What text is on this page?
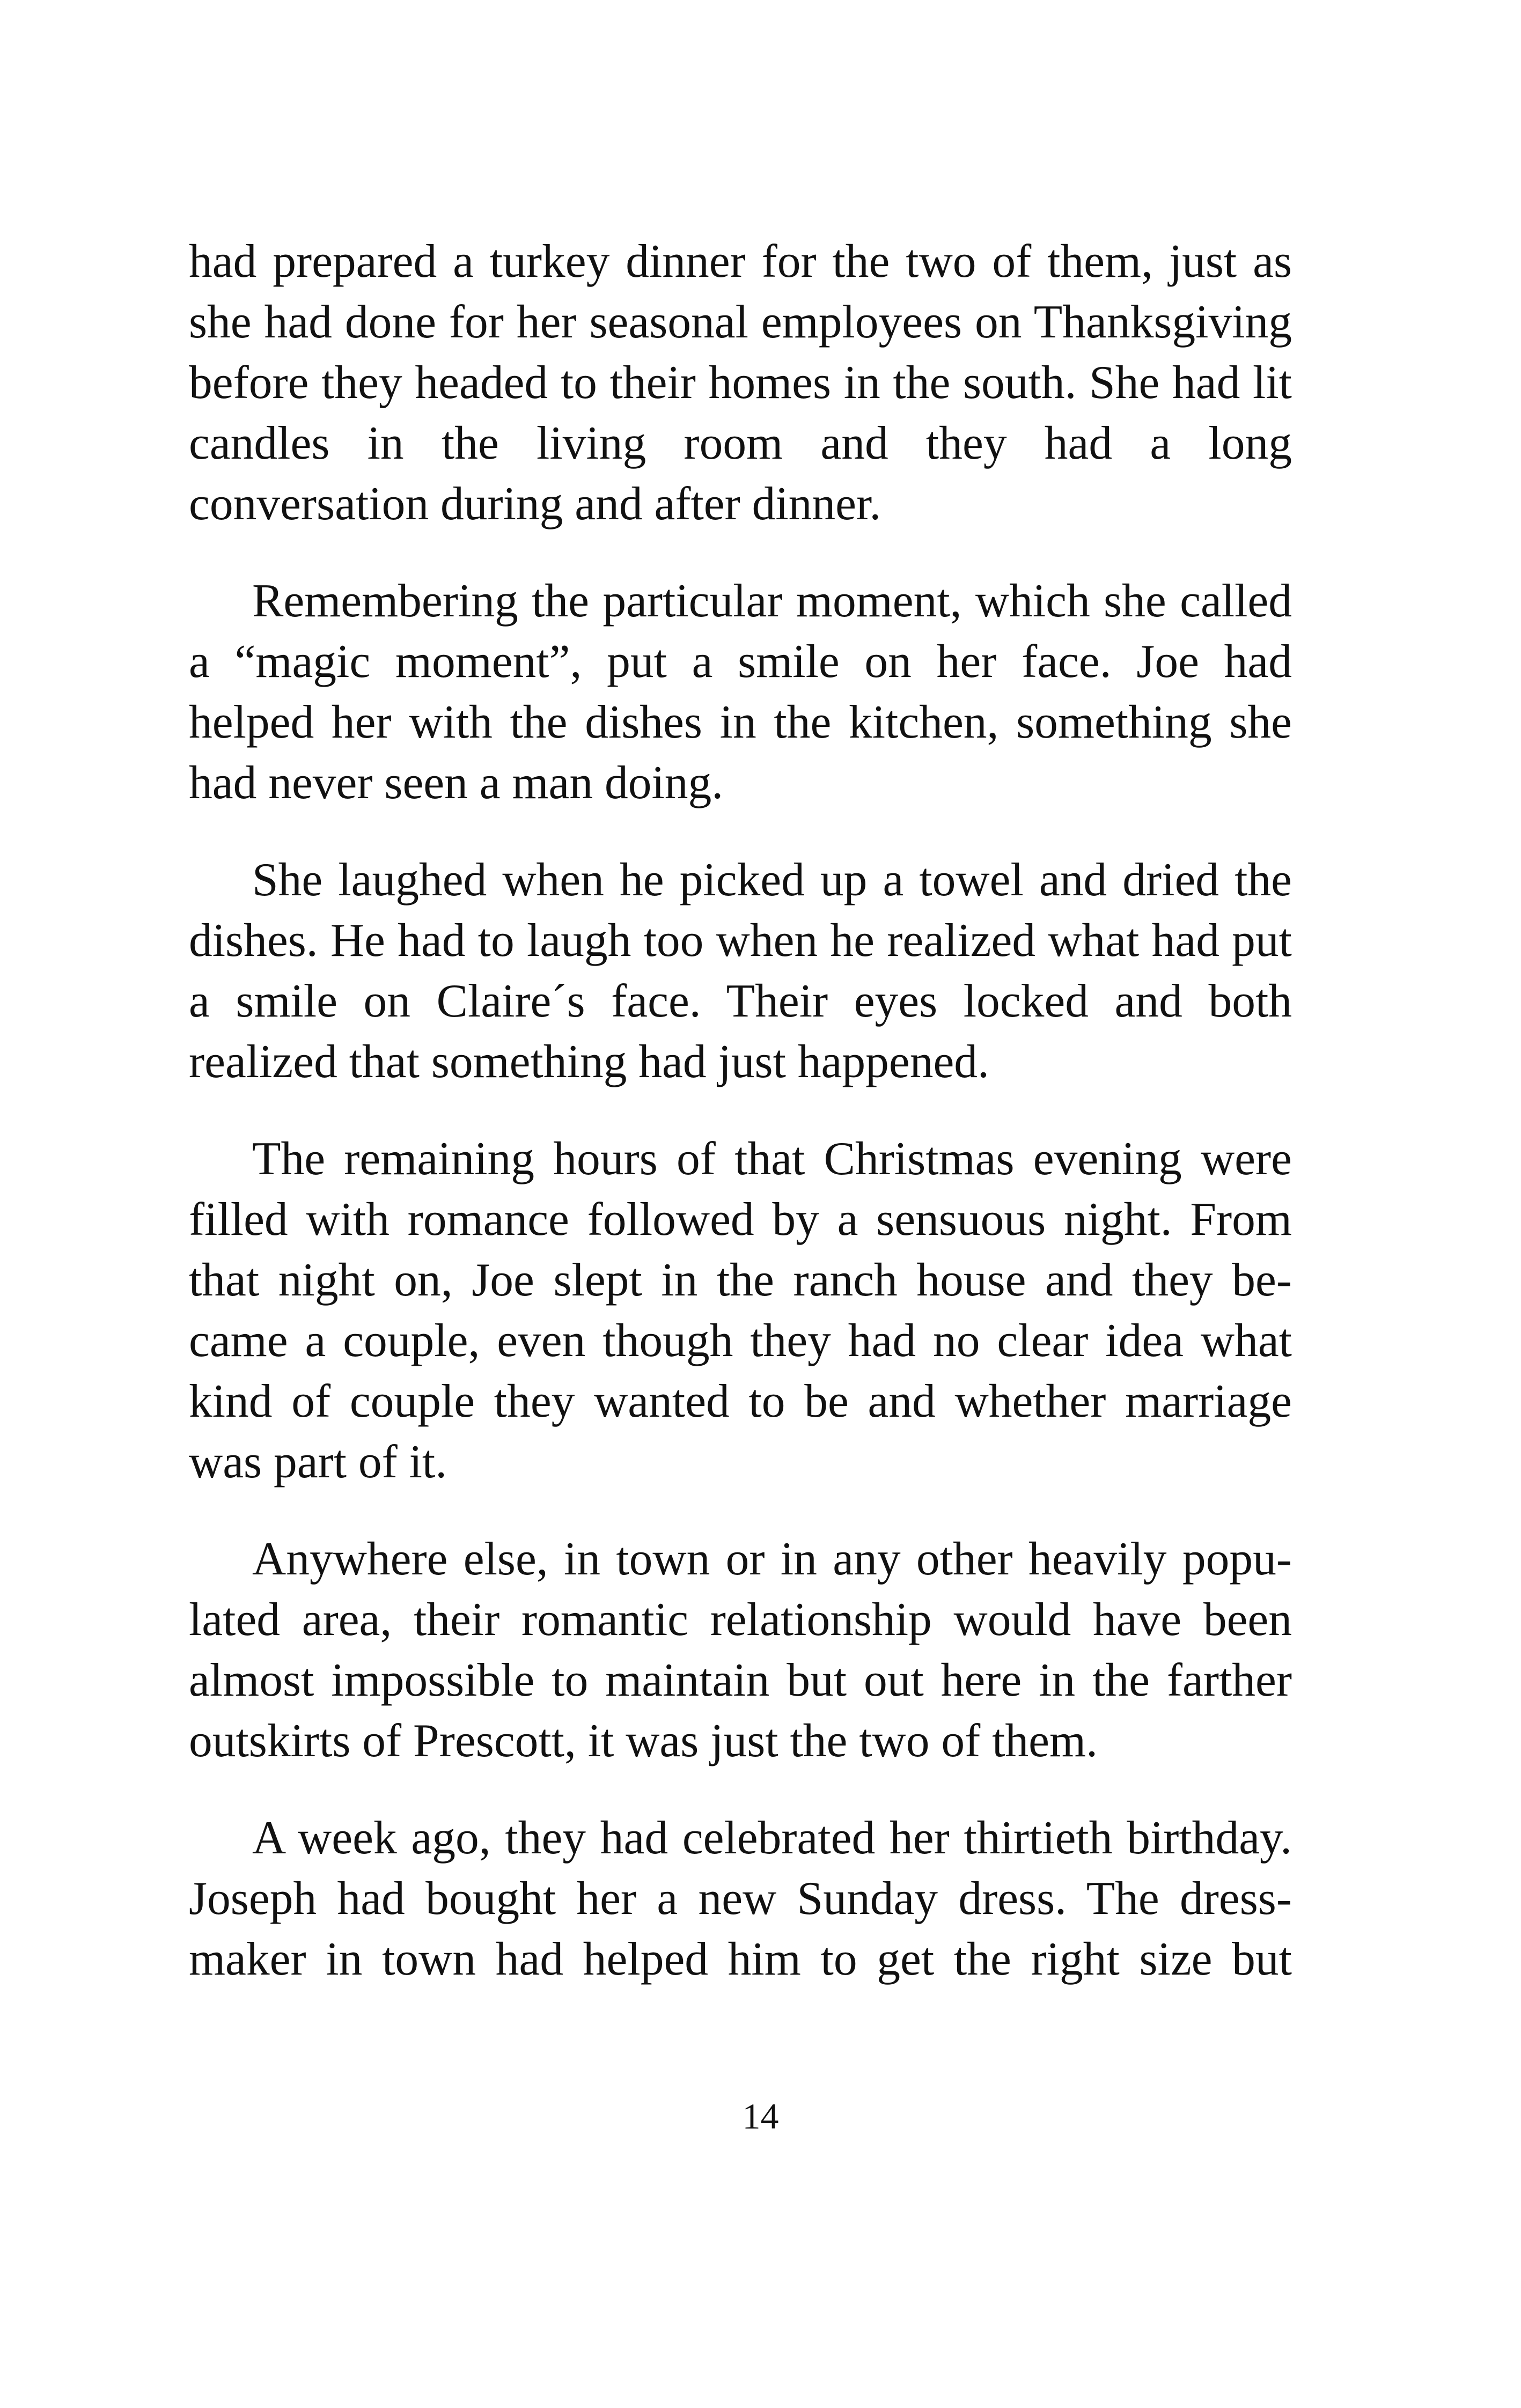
had prepared a turkey dinner for the two of them, just as she had done for her seasonal employees on Thanksgiving before they headed to their homes in the south. She had lit candles in the living room and they had a long conversation during and after dinner.

Remembering the particular moment, which she called a “magic moment”, put a smile on her face. Joe had helped her with the dishes in the kitchen, something she had never seen a man doing.

She laughed when he picked up a towel and dried the dishes. He had to laugh too when he realized what had put a smile on Claire´s face. Their eyes locked and both realized that something had just happened.

The remaining hours of that Christmas evening were filled with romance followed by a sensuous night. From that night on, Joe slept in the ranch house and they became a couple, even though they had no clear idea what kind of couple they wanted to be and whether marriage was part of it.

Anywhere else, in town or in any other heavily populated area, their romantic relationship would have been almost impossible to maintain but out here in the farther outskirts of Prescott, it was just the two of them.

A week ago, they had celebrated her thirtieth birthday. Joseph had bought her a new Sunday dress. The dressmaker in town had helped him to get the right size but

14
